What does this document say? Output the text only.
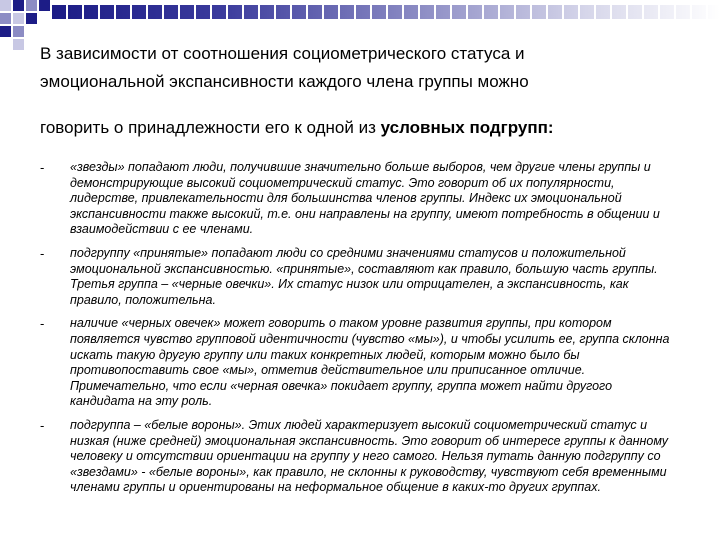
В зависимости от соотношения социометрического статуса и
эмоциональной экспансивности каждого члена группы можно
говорить о принадлежности его к одной из условных подгрупп:
- «звезды» попадают люди, получившие значительно больше выборов, чем другие члены группы и демонстрирующие высокий социометрический статус. Это говорит об их популярности, лидерстве, привлекательности для большинства членов группы. Индекс их эмоциональной экспансивности также высокий, т.е. они направлены на группу, имеют потребность в общении и взаимодействии с ее членами.
- подгруппу «принятые» попадают люди со средними значениями статусов и положительной эмоциональной экспансивностью. «принятые», составляют как правило, большую часть группы. Третья группа – «черные овечки». Их статус низок или отрицателен, а экспансивность, как правило, положительна.
- наличие «черных овечек» может говорить о таком уровне развития группы, при котором появляется чувство групповой идентичности (чувство «мы»), и чтобы усилить ее, группа склонна искать такую другую группу или таких конкретных людей, которым можно было бы противопоставить свое «мы», отметив действительное или приписанное отличие. Примечательно, что если «черная овечка» покидает группу, группа может найти другого кандидата на эту роль.
- подгруппа – «белые вороны». Этих людей характеризует высокий социометрический статус и низкая (ниже средней) эмоциональная экспансивность. Это говорит об интересе группы к данному человеку и отсутствии ориентации на группу у него самого. Нельзя путать данную подгруппу со «звездами» - «белые вороны», как правило, не склонны к руководству, чувствуют себя временными членами группы и ориентированы на неформальное общение в каких-то других группах.
